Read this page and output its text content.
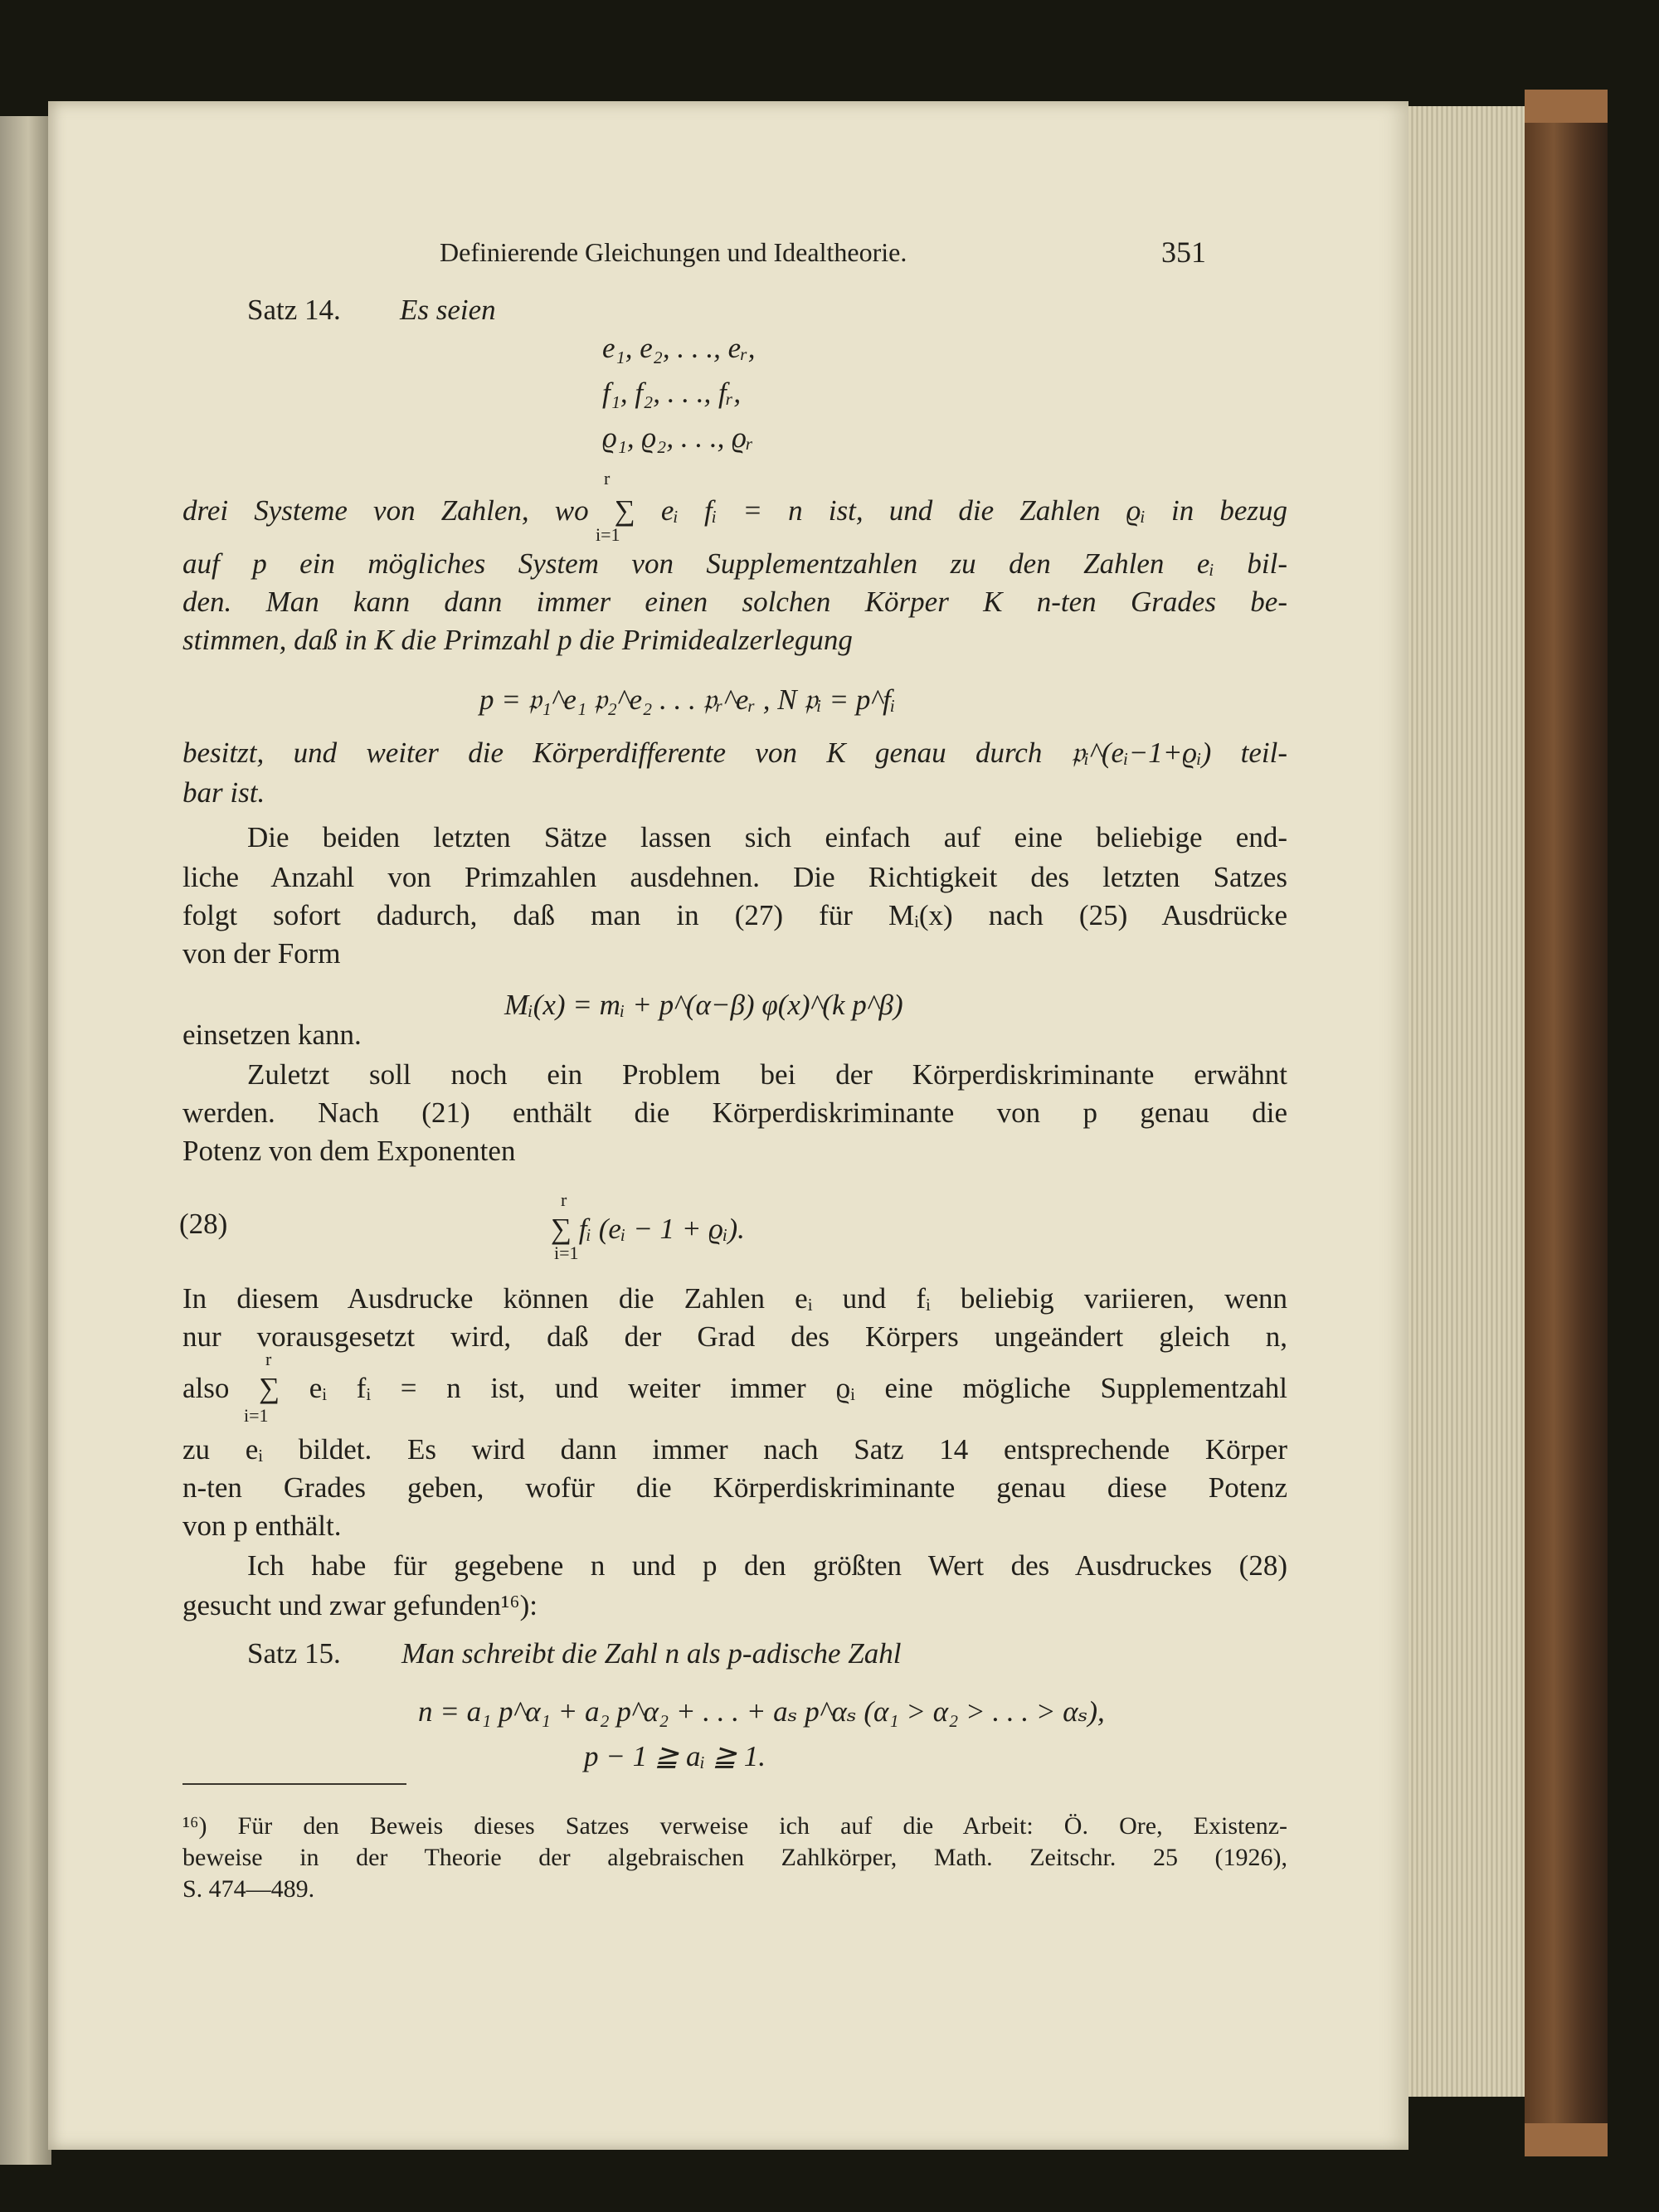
Definierende Gleichungen und Idealtheorie.	351
Satz 14. Es seien
e₁, e₂, . . ., eᵣ,
f₁, f₂, . . ., fᵣ,
ϱ₁, ϱ₂, . . ., ϱᵣ
r
drei Systeme von Zahlen, wo ∑ eᵢ fᵢ = n ist, und die Zahlen ϱᵢ in bezug
i=1
auf p ein mögliches System von Supplementzahlen zu den Zahlen eᵢ bil-
den. Man kann dann immer einen solchen Körper K n-ten Grades be-
stimmen, daß in K die Primzahl p die Primidealzerlegung
p = 𝔭₁^e₁ 𝔭₂^e₂ . . . 𝔭ᵣ^eᵣ , N 𝔭ᵢ = p^fᵢ
besitzt, und weiter die Körperdifferente von K genau durch 𝔭ᵢ^(eᵢ−1+ϱᵢ) teil-
bar ist.
Die beiden letzten Sätze lassen sich einfach auf eine beliebige end-
liche Anzahl von Primzahlen ausdehnen. Die Richtigkeit des letzten Satzes
folgt sofort dadurch, daß man in (27) für Mᵢ(x) nach (25) Ausdrücke
von der Form
Mᵢ(x) = mᵢ + p^(α−β) φ(x)^(k p^β)
einsetzen kann.
Zuletzt soll noch ein Problem bei der Körperdiskriminante erwähnt
werden. Nach (21) enthält die Körperdiskriminante von p genau die
Potenz von dem Exponenten
r
(28)	∑ fᵢ (eᵢ − 1 + ϱᵢ).
i=1
In diesem Ausdrucke können die Zahlen eᵢ und fᵢ beliebig variieren, wenn
nur vorausgesetzt wird, daß der Grad des Körpers ungeändert gleich n,
r
also ∑ eᵢ fᵢ = n ist, und weiter immer ϱᵢ eine mögliche Supplementzahl
i=1
zu eᵢ bildet. Es wird dann immer nach Satz 14 entsprechende Körper
n-ten Grades geben, wofür die Körperdiskriminante genau diese Potenz
von p enthält.
Ich habe für gegebene n und p den größten Wert des Ausdruckes (28)
gesucht und zwar gefunden¹⁶):
Satz 15. Man schreibt die Zahl n als p-adische Zahl
n = a₁ p^α₁ + a₂ p^α₂ + . . . + aₛ p^αₛ (α₁ > α₂ > . . . > αₛ),
p − 1 ≧ aᵢ ≧ 1.
¹⁶) Für den Beweis dieses Satzes verweise ich auf die Arbeit: Ö. Ore, Existenz-
beweise in der Theorie der algebraischen Zahlkörper, Math. Zeitschr. 25 (1926),
S. 474—489.
